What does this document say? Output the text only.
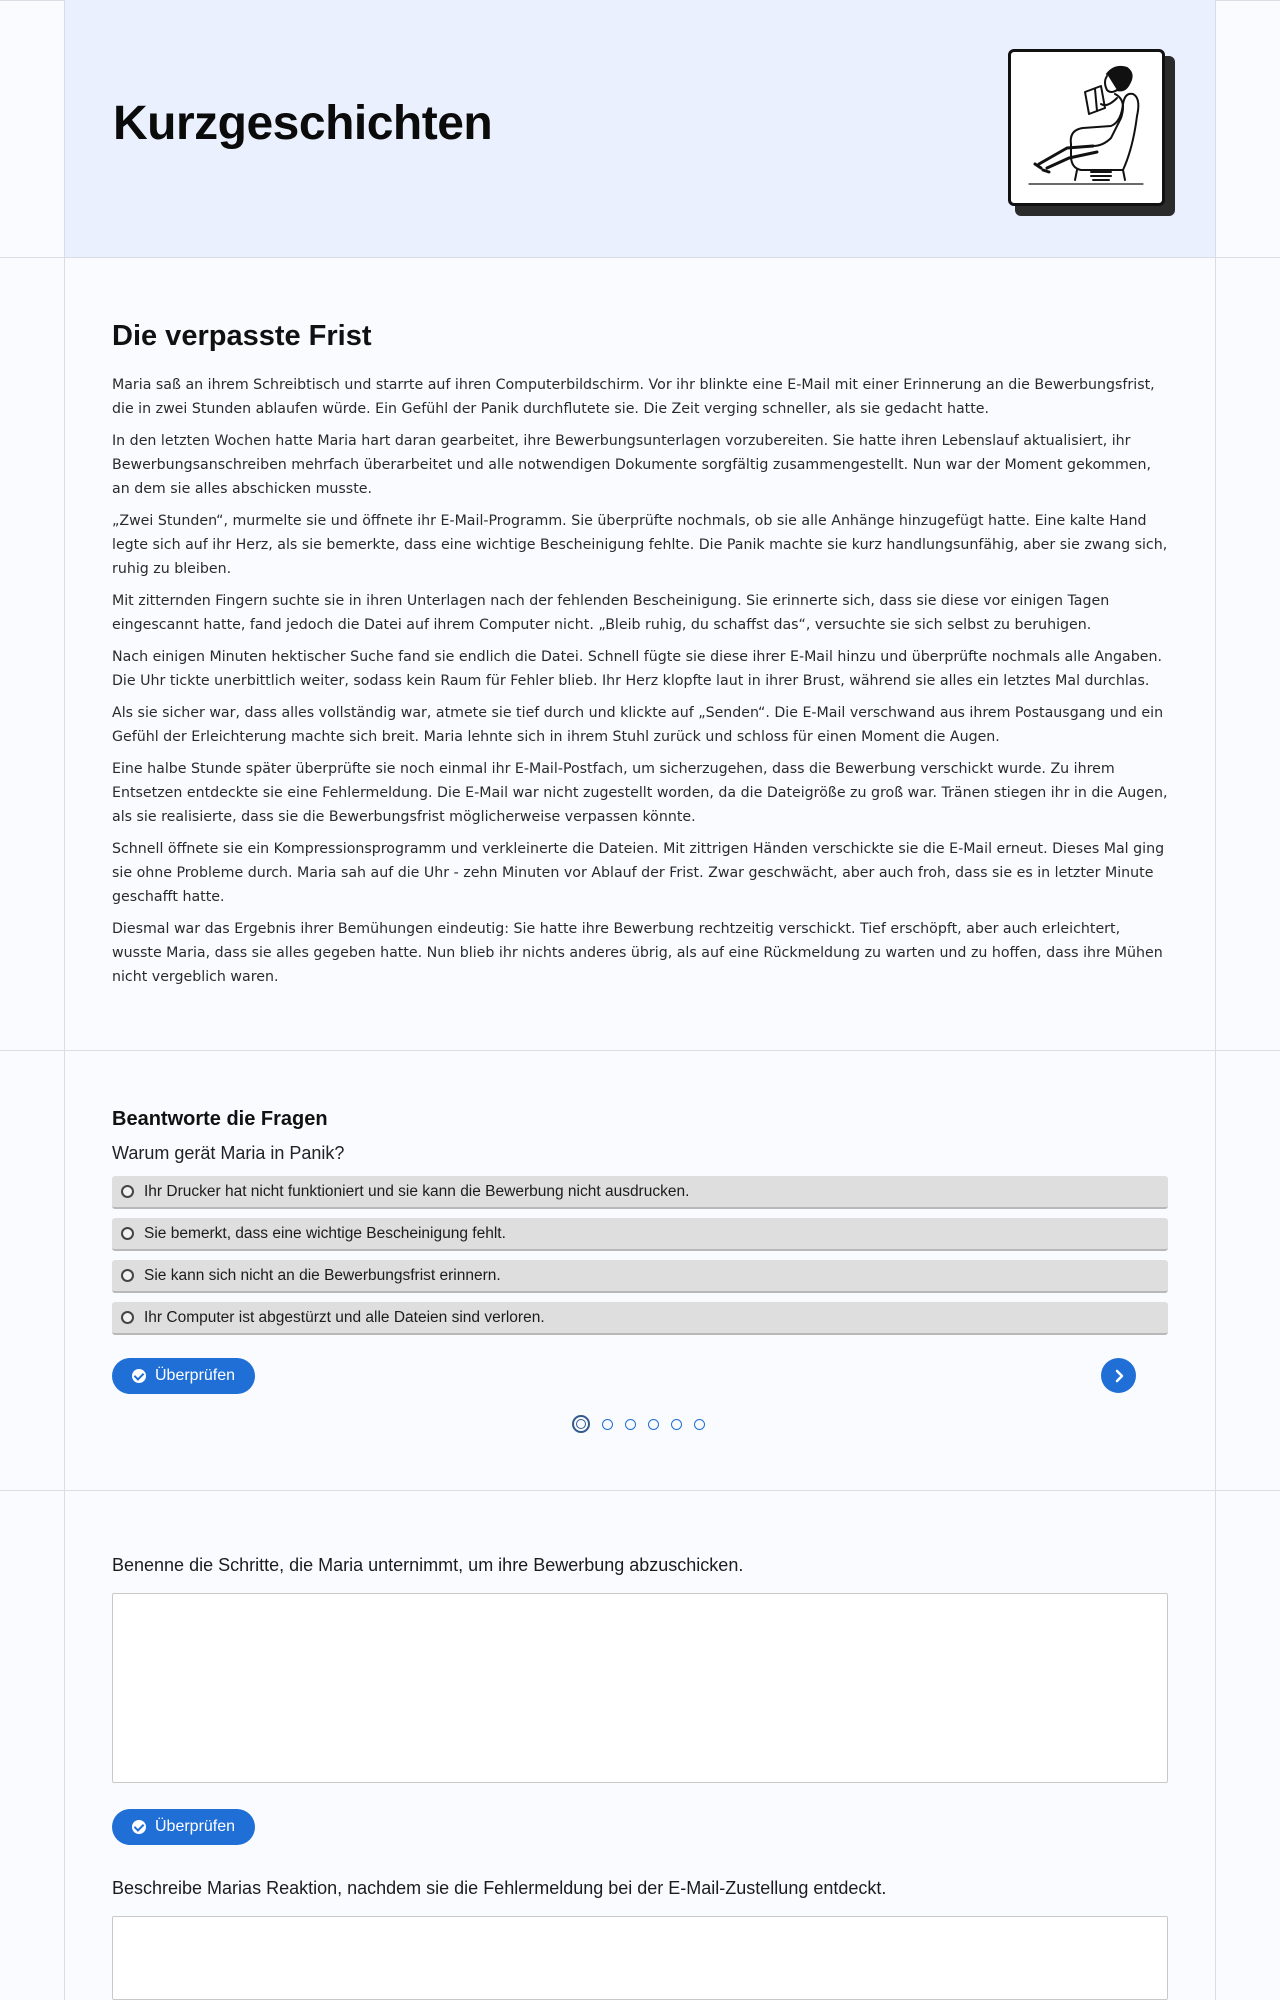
Kurzgeschichten
Die verpasste Frist

Maria saß an ihrem Schreibtisch und starrte auf ihren Computerbildschirm. Vor ihr blinkte eine E-Mail mit einer Erinnerung an die Bewerbungsfrist, die in zwei Stunden ablaufen würde. Ein Gefühl der Panik durchflutete sie. Die Zeit verging schneller, als sie gedacht hatte.

In den letzten Wochen hatte Maria hart daran gearbeitet, ihre Bewerbungsunterlagen vorzubereiten. Sie hatte ihren Lebenslauf aktualisiert, ihr Bewerbungsanschreiben mehrfach überarbeitet und alle notwendigen Dokumente sorgfältig zusammengestellt. Nun war der Moment gekommen, an dem sie alles abschicken musste.

„Zwei Stunden“, murmelte sie und öffnete ihr E-Mail-Programm. Sie überprüfte nochmals, ob sie alle Anhänge hinzugefügt hatte. Eine kalte Hand legte sich auf ihr Herz, als sie bemerkte, dass eine wichtige Bescheinigung fehlte. Die Panik machte sie kurz handlungsunfähig, aber sie zwang sich, ruhig zu bleiben.

Mit zitternden Fingern suchte sie in ihren Unterlagen nach der fehlenden Bescheinigung. Sie erinnerte sich, dass sie diese vor einigen Tagen eingescannt hatte, fand jedoch die Datei auf ihrem Computer nicht. „Bleib ruhig, du schaffst das“, versuchte sie sich selbst zu beruhigen.

Nach einigen Minuten hektischer Suche fand sie endlich die Datei. Schnell fügte sie diese ihrer E-Mail hinzu und überprüfte nochmals alle Angaben. Die Uhr tickte unerbittlich weiter, sodass kein Raum für Fehler blieb. Ihr Herz klopfte laut in ihrer Brust, während sie alles ein letztes Mal durchlas.

Als sie sicher war, dass alles vollständig war, atmete sie tief durch und klickte auf „Senden“. Die E-Mail verschwand aus ihrem Postausgang und ein Gefühl der Erleichterung machte sich breit. Maria lehnte sich in ihrem Stuhl zurück und schloss für einen Moment die Augen.

Eine halbe Stunde später überprüfte sie noch einmal ihr E-Mail-Postfach, um sicherzugehen, dass die Bewerbung verschickt wurde. Zu ihrem Entsetzen entdeckte sie eine Fehlermeldung. Die E-Mail war nicht zugestellt worden, da die Dateigröße zu groß war. Tränen stiegen ihr in die Augen, als sie realisierte, dass sie die Bewerbungsfrist möglicherweise verpassen könnte.

Schnell öffnete sie ein Kompressionsprogramm und verkleinerte die Dateien. Mit zittrigen Händen verschickte sie die E-Mail erneut. Dieses Mal ging sie ohne Probleme durch. Maria sah auf die Uhr - zehn Minuten vor Ablauf der Frist. Zwar geschwächt, aber auch froh, dass sie es in letzter Minute geschafft hatte.

Diesmal war das Ergebnis ihrer Bemühungen eindeutig: Sie hatte ihre Bewerbung rechtzeitig verschickt. Tief erschöpft, aber auch erleichtert, wusste Maria, dass sie alles gegeben hatte. Nun blieb ihr nichts anderes übrig, als auf eine Rückmeldung zu warten und zu hoffen, dass ihre Mühen nicht vergeblich waren.

Beantworte die Fragen
Warum gerät Maria in Panik?
Ihr Drucker hat nicht funktioniert und sie kann die Bewerbung nicht ausdrucken.
Sie bemerkt, dass eine wichtige Bescheinigung fehlt.
Sie kann sich nicht an die Bewerbungsfrist erinnern.
Ihr Computer ist abgestürzt und alle Dateien sind verloren.
Überprüfen

Benenne die Schritte, die Maria unternimmt, um ihre Bewerbung abzuschicken.

Überprüfen

Beschreibe Marias Reaktion, nachdem sie die Fehlermeldung bei der E-Mail-Zustellung entdeckt.
